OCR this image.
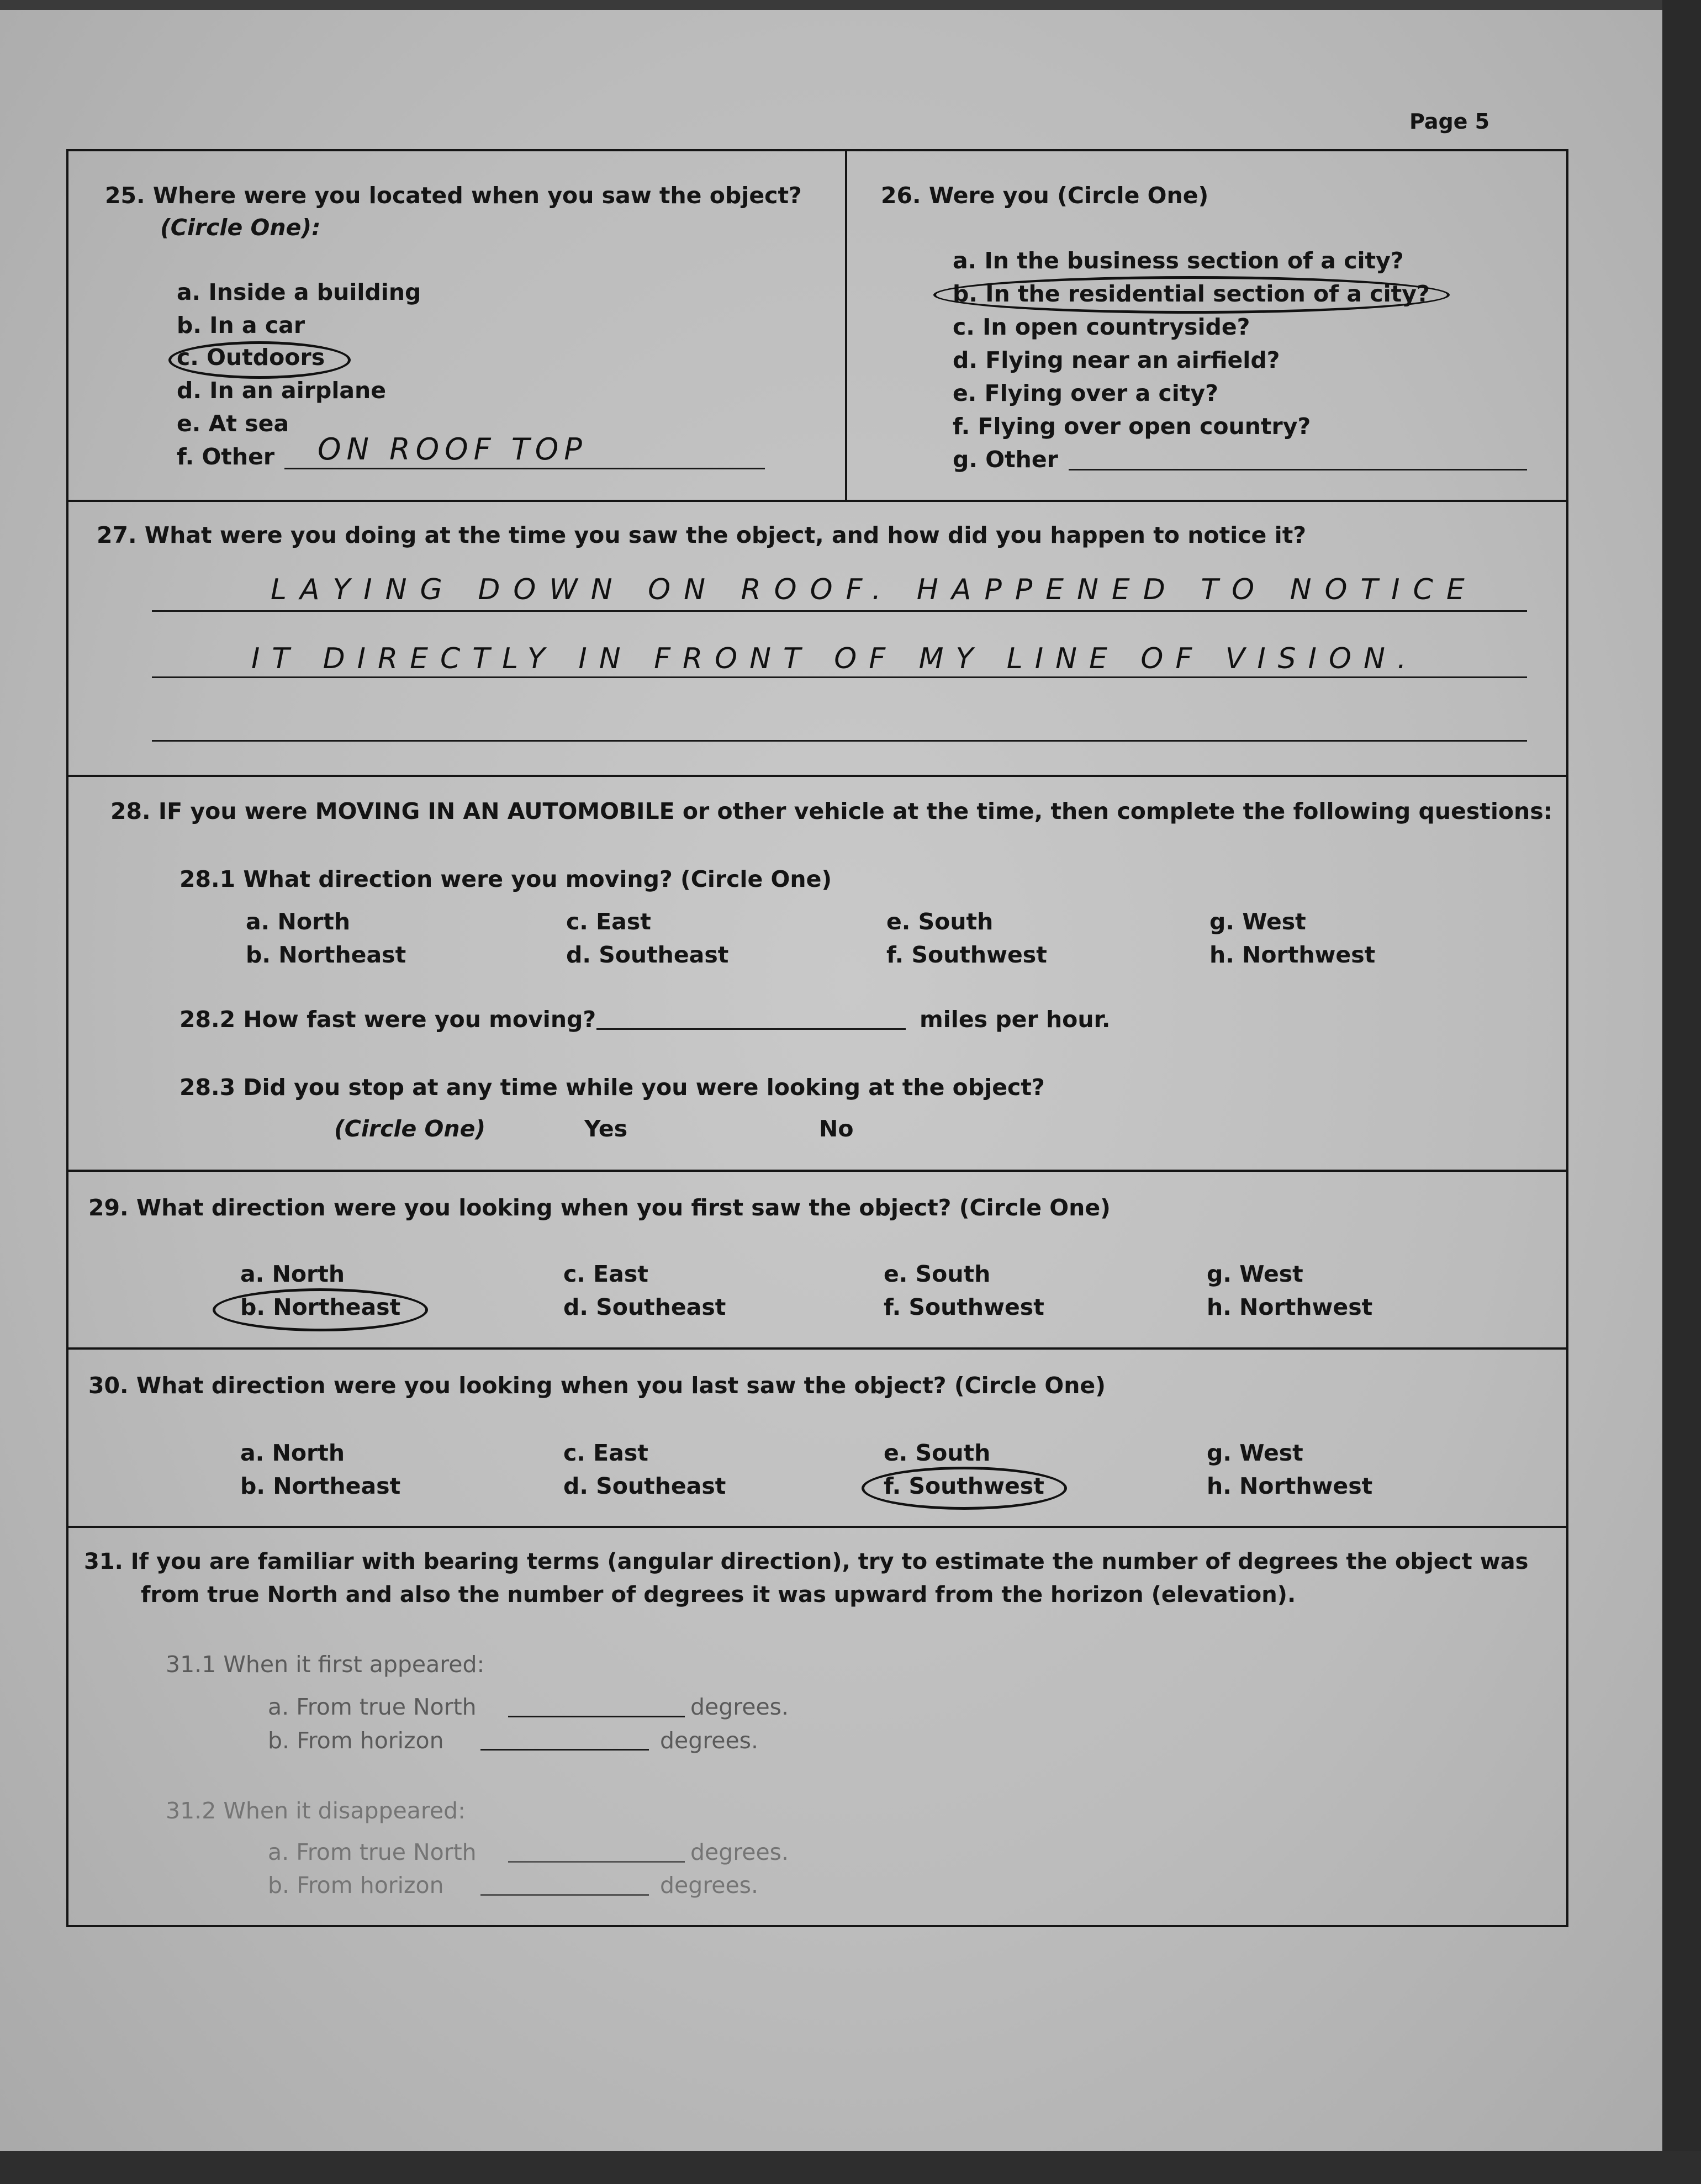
Page 5
25. Where were you located when you saw the object?
(Circle One):
a. Inside a building
b. In a car
c. Outdoors
d. In an airplane
e. At sea
f. Other ON ROOF TOP
26. Were you (Circle One)
a. In the business section of a city?
b. In the residential section of a city?
c. In open countryside?
d. Flying near an airfield?
e. Flying over a city?
f. Flying over open country?
g. Other
27. What were you doing at the time you saw the object, and how did you happen to notice it?
LAYING DOWN ON ROOF. HAPPENED TO NOTICE
IT DIRECTLY IN FRONT OF MY LINE OF VISION.
28. IF you were MOVING IN AN AUTOMOBILE or other vehicle at the time, then complete the following questions:
28.1 What direction were you moving? (Circle One)
a. North
b. Northeast
c. East
d. Southeast
e. South
f. Southwest
g. West
h. Northwest
28.2 How fast were you moving?	miles per hour.
28.3 Did you stop at any time while you were looking at the object?
(Circle One)	Yes	No
29. What direction were you looking when you first saw the object? (Circle One)
a. North
b. Northeast
c. East
d. Southeast
e. South
f. Southwest
g. West
h. Northwest
30. What direction were you looking when you last saw the object? (Circle One)
a. North
b. Northeast
c. East
d. Southeast
e. South
f. Southwest
g. West
h. Northwest
31. If you are familiar with bearing terms (angular direction), try to estimate the number of degrees the object was
from true North and also the number of degrees it was upward from the horizon (elevation).
31.1 When it first appeared:
a. From true North	degrees.
b. From horizon	degrees.
31.2 When it disappeared:
a. From true North	degrees.
b. From horizon	degrees.
